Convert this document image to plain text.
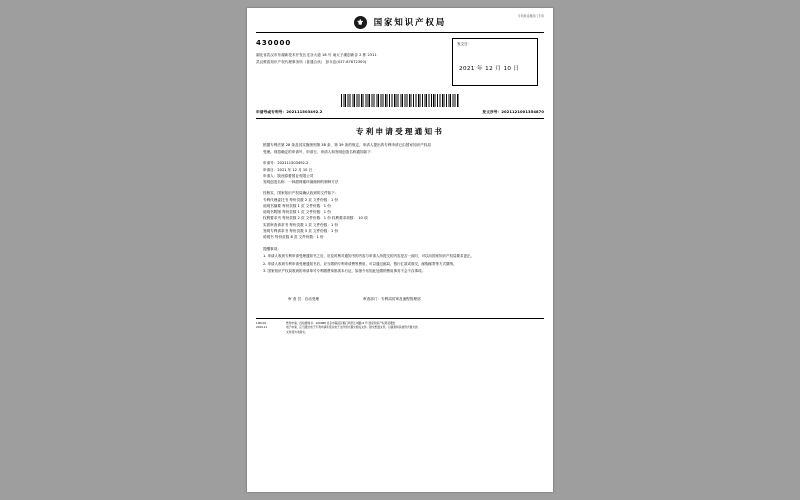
⚜	国家知识产权局
专利局受理部门专用
430000
湖北省武汉市东湖新技术开发区光谷大道 18 号 南太子湖创新谷 2 栋 2311
武汉维盾知识产权代理事务所（普通合伙） 彭永忠(027-87672300)
发文日：
2021 年 12 月 10 日
申请号或专利号：202111503492.2	发文序号：2021121001354870
专利申请受理通知书
根据专利法第 28 条及其实施细则第 38 条、第 39 条的规定，申请人提出的专利申请已由国家知识产权局
受理。现将确定的申请号、申请日、申请人和发明创造名称通知如下：
申请号：202111503492.2
申请日：2021 年 12 月 10 日
申请人：陕西春蕾园业有限公司
发明创造名称：一种甜珠蜜环菌菌种的制种方法
经核实，国家知识产权局确认收到的文件如下：
专利代理委托书 每份页数 2 页 文件份数：1 份
说明书摘要 每份页数 1 页 文件份数：1 份
说明书附图 每份页数 1 页 文件份数：1 份
权利要求书 每份页数 2 页 文件份数：1 份 权利要求项数： 10 项
实质审查请求书 每份页数 1 页 文件份数：1 份
发明专利请求书 每份页数 5 页 文件份数：1 份
说明书 每份页数 8 页 文件份数：1 份
提醒事项：
1. 申请人收到专利申请受理通知书之后，应及时核对通知书的内容与申请人所提交的内容是否一致时，可以向国家知识产权局要求更正。
2. 申请人收到专利申请受理通知书后，应当缴纳专利申请费等费用，可以通过邮局、银行汇款或面交、邮购邮寄等方式缴纳。
3. 国家知识产权局收到的申请单号专利缴费单都须本行证，如指令布知此处缴纳费用事务不会不存事项。
审 查 员：自动受理	审查部门：专利局初审及流程管理部
100101
2019.11
纸件申请，四信通知书：100088 北京市海淀区蓟门桥西土城路 6 号 国家知识产权局受理处
电子申请，应当通过电子专利申请系统以电子文件形式提交相关文件。提交纸面文件，以提供和其他形式提交的
文件视为未提交。
